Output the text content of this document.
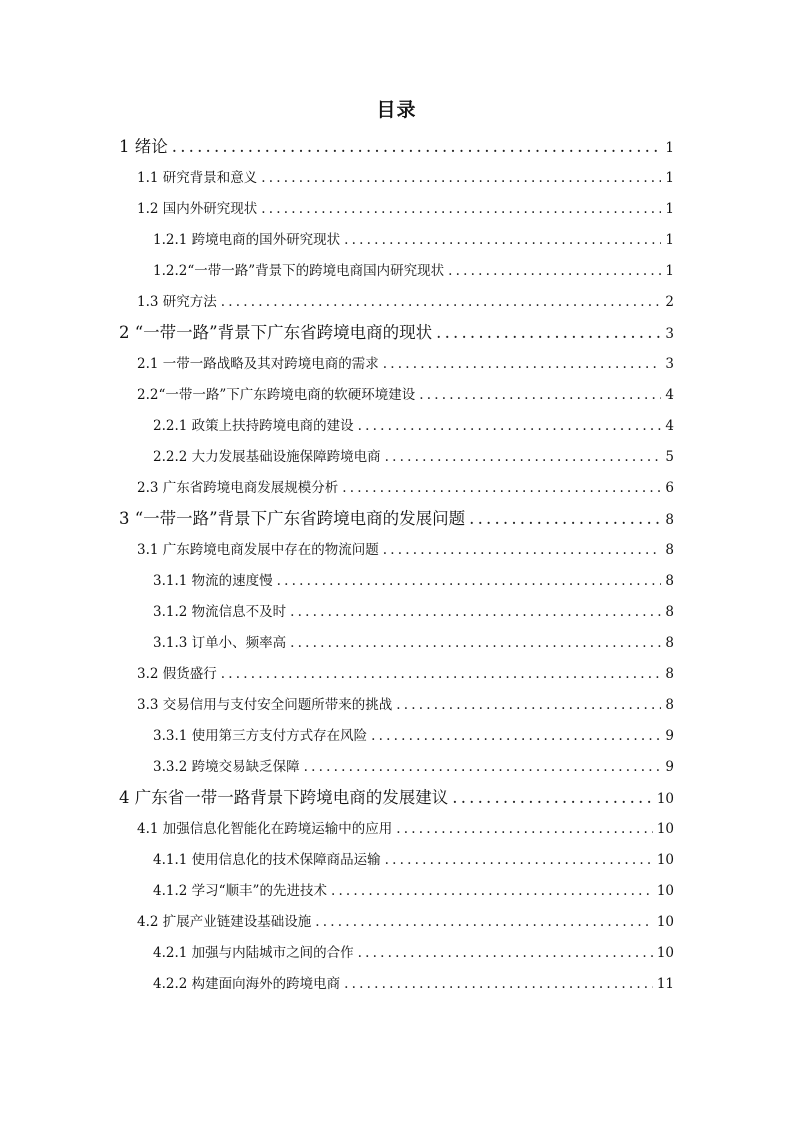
目录
1 绪论 .....	1
1.1 研究背景和意义 .....	1
1.2 国内外研究现状 .....	1
1.2.1 跨境电商的国外研究现状 .....	1
1.2.2“一带一路”背景下的跨境电商国内研究现状 .....	1
1.3 研究方法 .....	2
2 “一带一路”背景下广东省跨境电商的现状 .....	3
2.1 一带一路战略及其对跨境电商的需求 .....	3
2.2“一带一路”下广东跨境电商的软硬环境建设 .....	4
2.2.1 政策上扶持跨境电商的建设 .....	4
2.2.2 大力发展基础设施保障跨境电商 .....	5
2.3 广东省跨境电商发展规模分析 .....	6
3 “一带一路”背景下广东省跨境电商的发展问题 .....	8
3.1 广东跨境电商发展中存在的物流问题 .....	8
3.1.1 物流的速度慢 .....	8
3.1.2 物流信息不及时 .....	8
3.1.3 订单小、频率高 .....	8
3.2 假货盛行 .....	8
3.3 交易信用与支付安全问题所带来的挑战 .....	8
3.3.1 使用第三方支付方式存在风险 .....	9
3.3.2 跨境交易缺乏保障 .....	9
4 广东省一带一路背景下跨境电商的发展建议 .....	10
4.1 加强信息化智能化在跨境运输中的应用 .....	10
4.1.1 使用信息化的技术保障商品运输 .....	10
4.1.2 学习“顺丰”的先进技术 .....	10
4.2 扩展产业链建设基础设施 .....	10
4.2.1 加强与内陆城市之间的合作 .....	10
4.2.2 构建面向海外的跨境电商 .....	11
